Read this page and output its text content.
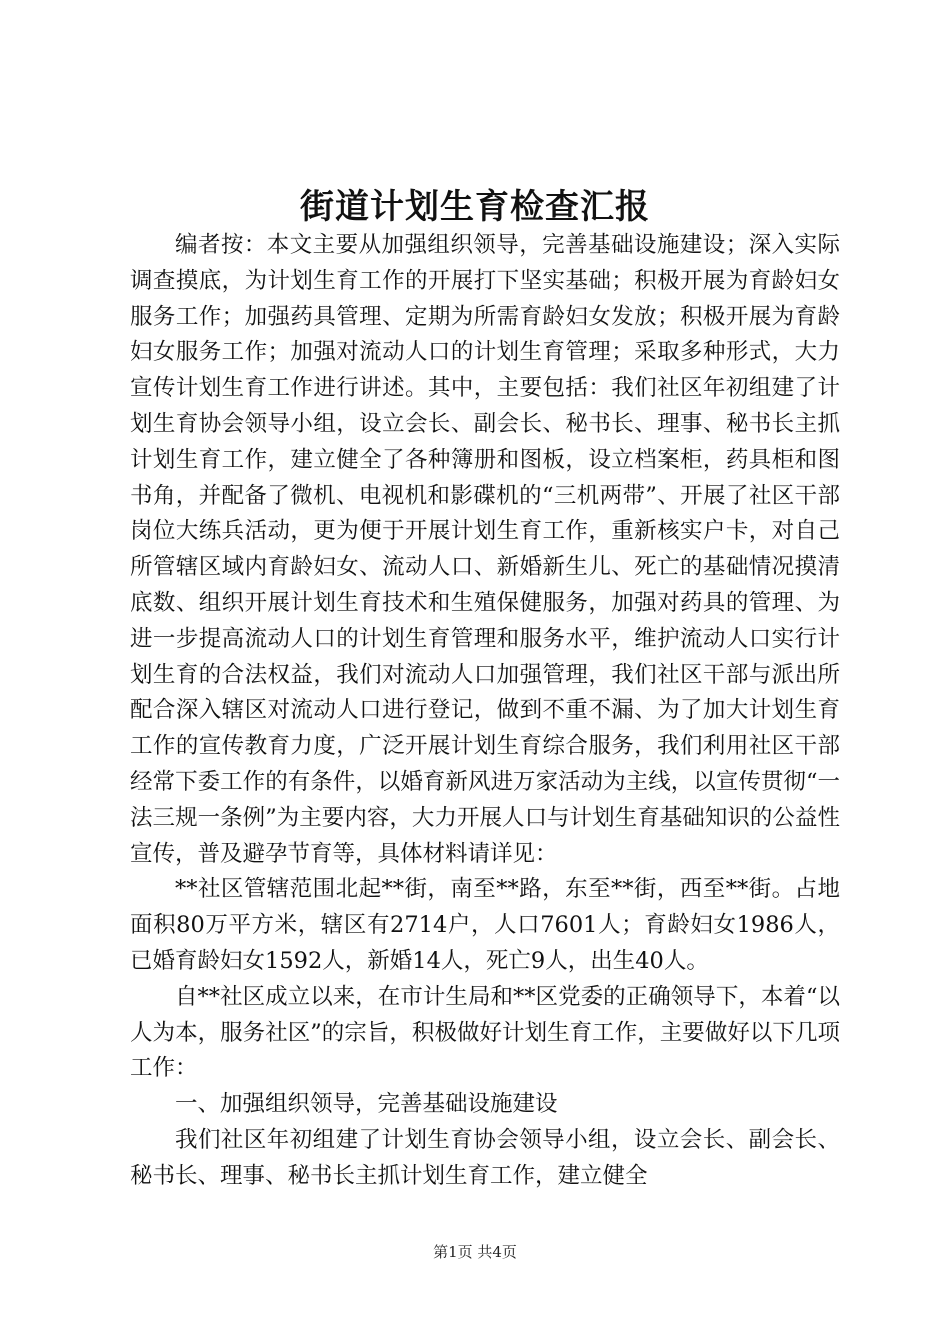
街道计划生育检查汇报

编者按：本文主要从加强组织领导，完善基础设施建设；深入实际调查摸底，为计划生育工作的开展打下坚实基础；积极开展为育龄妇女服务工作；加强药具管理、定期为所需育龄妇女发放；积极开展为育龄妇女服务工作；加强对流动人口的计划生育管理；采取多种形式，大力宣传计划生育工作进行讲述。其中，主要包括：我们社区年初组建了计划生育协会领导小组，设立会长、副会长、秘书长、理事、秘书长主抓计划生育工作，建立健全了各种簿册和图板，设立档案柜，药具柜和图书角，并配备了微机、电视机和影碟机的“三机两带”、开展了社区干部岗位大练兵活动，更为便于开展计划生育工作，重新核实户卡，对自己所管辖区域内育龄妇女、流动人口、新婚新生儿、死亡的基础情况摸清底数、组织开展计划生育技术和生殖保健服务，加强对药具的管理、为进一步提高流动人口的计划生育管理和服务水平，维护流动人口实行计划生育的合法权益，我们对流动人口加强管理，我们社区干部与派出所配合深入辖区对流动人口进行登记，做到不重不漏、为了加大计划生育工作的宣传教育力度，广泛开展计划生育综合服务，我们利用社区干部经常下委工作的有条件，以婚育新风进万家活动为主线，以宣传贯彻“一法三规一条例”为主要内容，大力开展人口与计划生育基础知识的公益性宣传，普及避孕节育等，具体材料请详见：

**社区管辖范围北起**街，南至**路，东至**街，西至**街。占地面积80万平方米，辖区有2714户，人口7601人；育龄妇女1986人，已婚育龄妇女1592人，新婚14人，死亡9人，出生40人。

自**社区成立以来，在市计生局和**区党委的正确领导下，本着“以人为本，服务社区”的宗旨，积极做好计划生育工作，主要做好以下几项工作：

一、加强组织领导，完善基础设施建设

我们社区年初组建了计划生育协会领导小组，设立会长、副会长、秘书长、理事、秘书长主抓计划生育工作，建立健全

第1页 共4页
